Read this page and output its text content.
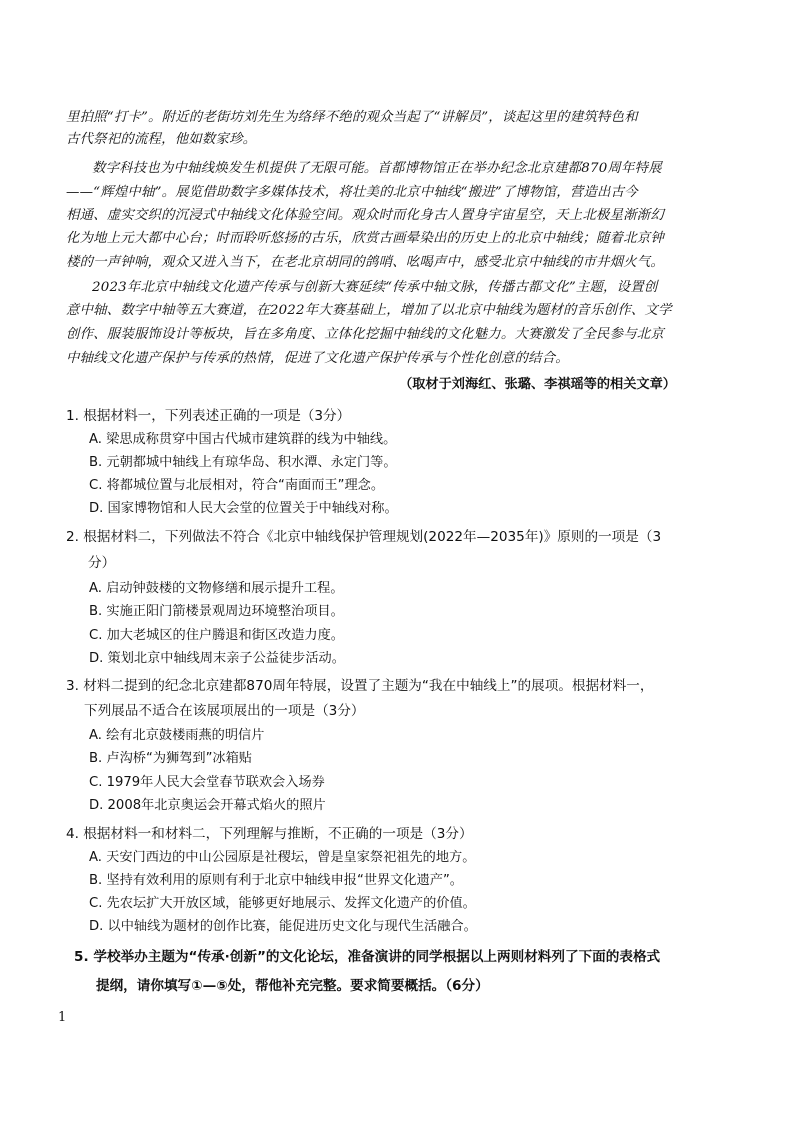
里拍照“打卡”。附近的老街坊刘先生为络绎不绝的观众当起了“讲解员”，谈起这里的建筑特色和
古代祭祀的流程，他如数家珍。
数字科技也为中轴线焕发生机提供了无限可能。首都博物馆正在举办纪念北京建都870周年特展
——“辉煌中轴”。展览借助数字多媒体技术，将壮美的北京中轴线“搬进”了博物馆，营造出古今
相通、虚实交织的沉浸式中轴线文化体验空间。观众时而化身古人置身宇宙星空，天上北极星渐渐幻
化为地上元大都中心台；时而聆听悠扬的古乐，欣赏古画晕染出的历史上的北京中轴线；随着北京钟
楼的一声钟响，观众又进入当下，在老北京胡同的鸽哨、吆喝声中，感受北京中轴线的市井烟火气。
2023年北京中轴线文化遗产传承与创新大赛延续“传承中轴文脉，传播古都文化”主题，设置创
意中轴、数字中轴等五大赛道，在2022年大赛基础上，增加了以北京中轴线为题材的音乐创作、文学
创作、服装服饰设计等板块，旨在多角度、立体化挖掘中轴线的文化魅力。大赛激发了全民参与北京
中轴线文化遗产保护与传承的热情，促进了文化遗产保护传承与个性化创意的结合。
（取材于刘海红、张璐、李祺瑶等的相关文章）
1. 根据材料一，下列表述正确的一项是（3分）
A. 梁思成称贯穿中国古代城市建筑群的线为中轴线。
B. 元朝都城中轴线上有琼华岛、积水潭、永定门等。
C. 将都城位置与北辰相对，符合“南面而王”理念。
D. 国家博物馆和人民大会堂的位置关于中轴线对称。
2. 根据材料二，下列做法不符合《北京中轴线保护管理规划(2022年—2035年)》原则的一项是（3
分）
A. 启动钟鼓楼的文物修缮和展示提升工程。
B. 实施正阳门箭楼景观周边环境整治项目。
C. 加大老城区的住户腾退和街区改造力度。
D. 策划北京中轴线周末亲子公益徒步活动。
3. 材料二提到的纪念北京建都870周年特展，设置了主题为“我在中轴线上”的展项。根据材料一，
下列展品不适合在该展项展出的一项是（3分）
A. 绘有北京鼓楼雨燕的明信片
B. 卢沟桥“为狮驾到”冰箱贴
C. 1979年人民大会堂春节联欢会入场券
D. 2008年北京奥运会开幕式焰火的照片
4. 根据材料一和材料二，下列理解与推断，不正确的一项是（3分）
A. 天安门西边的中山公园原是社稷坛，曾是皇家祭祀祖先的地方。
B. 坚持有效利用的原则有利于北京中轴线申报“世界文化遗产”。
C. 先农坛扩大开放区域，能够更好地展示、发挥文化遗产的价值。
D. 以中轴线为题材的创作比赛，能促进历史文化与现代生活融合。
5. 学校举办主题为“传承·创新”的文化论坛，准备演讲的同学根据以上两则材料列了下面的表格式
提纲，请你填写①—⑤处，帮他补充完整。要求简要概括。（6分）
1
